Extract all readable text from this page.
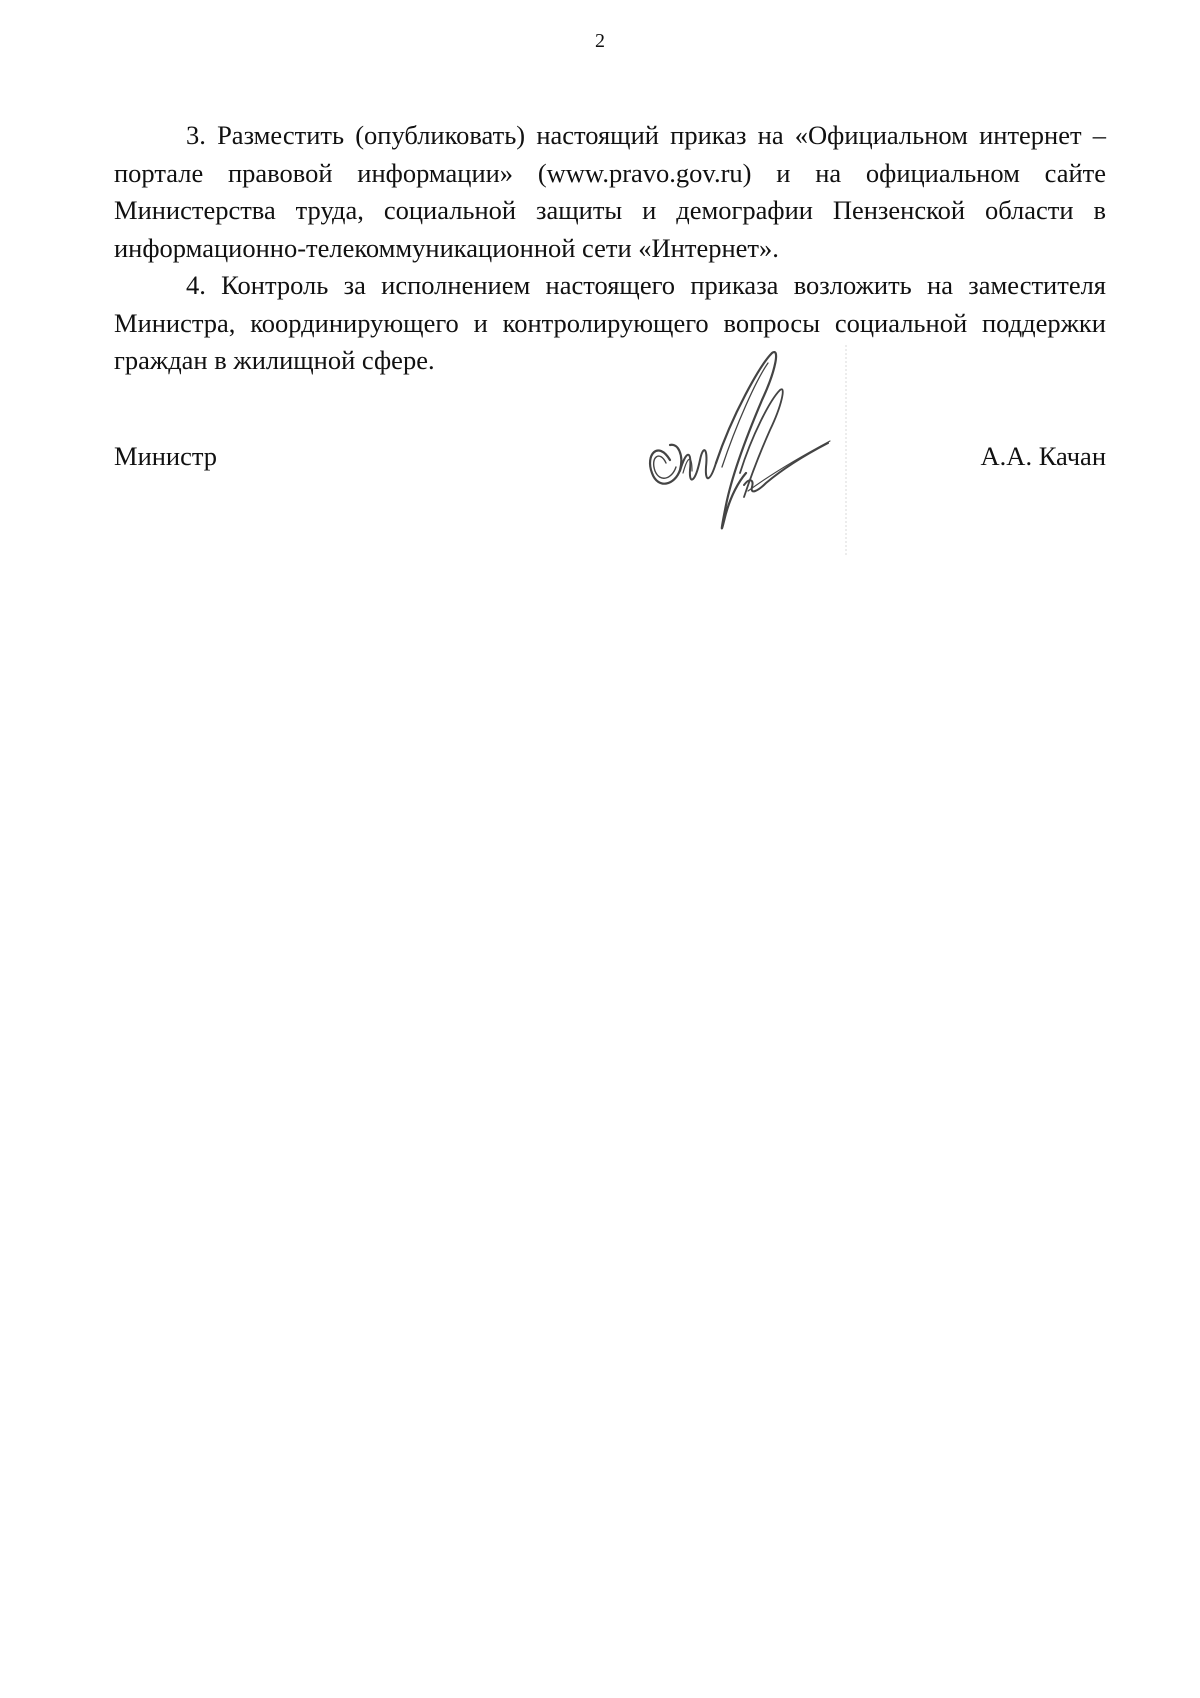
2

3. Разместить (опубликовать) настоящий приказ на «Официальном интернет – портале правовой информации» (www.pravo.gov.ru) и на официальном сайте Министерства труда, социальной защиты и демографии Пензенской области в информационно-телекоммуникационной сети «Интернет».

4. Контроль за исполнением настоящего приказа возложить на заместителя Министра, координирующего и контролирующего вопросы социальной поддержки граждан в жилищной сфере.

Министр	А.А. Качан
